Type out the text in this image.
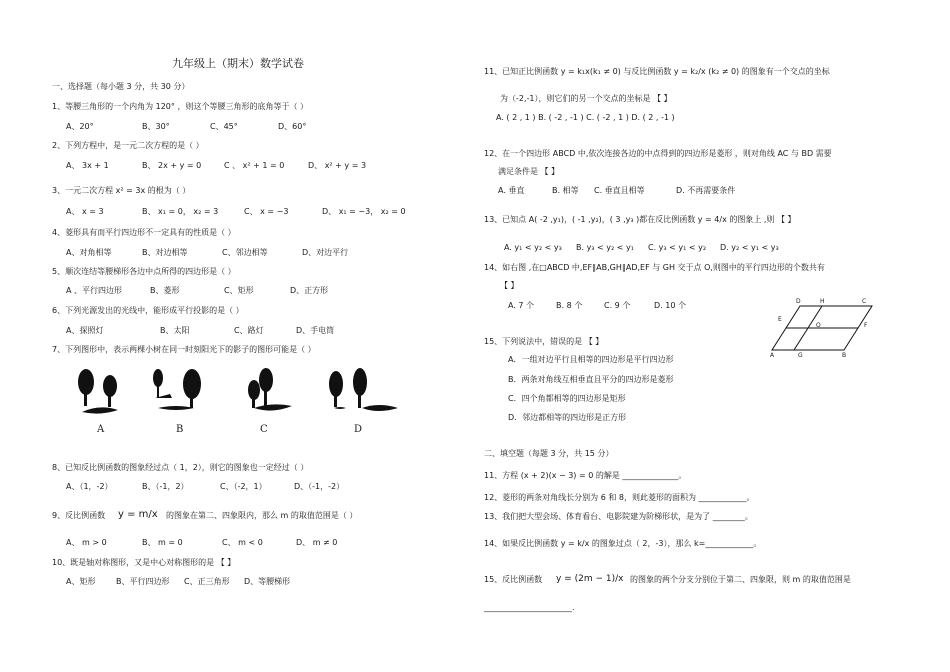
九年级上（期末）数学试卷
一、选择题（每小题 3 分，共 30 分）
1、等腰三角形的一个内角为 120° ，则这个等腰三角形的底角等于（ ）
A、20°	B、30°	C、45°	D、60°
2、下列方程中，是一元二次方程的是（ ）
A、 3x + 1	B、 2x + y = 0	C 、 x² + 1 = 0	D、 x² + y = 3
3、一元二次方程 x² = 3x 的根为（ ）
A、 x = 3	B、 x₁ = 0， x₂ = 3	C、 x = −3	D、 x₁ = −3， x₂ = 0
4、菱形具有而平行四边形不一定具有的性质是（ ）
A、对角相等	B、对边相等	C、邻边相等	D、对边平行
5、顺次连结等腰梯形各边中点所得的四边形是（ ）
A 、平行四边形	B、菱形	C、矩形	D、正方形
6、下列光源发出的光线中，能形成平行投影的是（ ）
A、探照灯	B、太阳	C、路灯	D、手电筒
7、下列图形中，表示两棵小树在同一时刻阳光下的影子的图形可能是（ ）
A	B	C	D
8、已知反比例函数的图象经过点（ 1，2），则它的图象也一定经过（ ）
A、（1，-2）	B、（-1，2）	C、（-2，1）	D、（-1，-2）
9、反比例函数 y = m/x 的图象在第二、四象限内，那么 m 的取值范围是（ ）
A、 m > 0	B、 m = 0	C、 m < 0	D、 m ≠ 0
10、既是轴对称图形，又是中心对称图形的是 【 】
A、矩形	B、平行四边形 C、正三角形 D、等腰梯形
11、已知正比例函数 y = k₁x(k₁ ≠ 0) 与反比例函数 y = k₂/x (k₂ ≠ 0) 的图象有一个交点的坐标
为（-2,-1），则它们的另一个交点的坐标是 【 】
A. ( 2 , 1 ) B. ( -2 , -1 ) C. ( -2 , 1 ) D. ( 2 , -1 )
12、在一个四边形 ABCD 中,依次连接各边的中点得到的四边形是菱形 ，则对角线 AC 与 BD 需要
满足条件是 【 】
A. 垂直	B. 相等 C. 垂直且相等	D. 不再需要条件
13、已知点 A( -2 ,y₁)，( -1 ,y₂)，( 3 ,y₃ )都在反比例函数 y = 4/x 的图象上 ,则 【 】
A. y₁ < y₂ < y₃ B. y₃ < y₂ < y₁ C. y₃ < y₁ < y₂ D. y₂ < y₁ < y₃
14、如右图 ,在□ABCD 中,EF∥AB,GH∥AD,EF 与 GH 交于点 O,则图中的平行四边形的个数共有
【 】
A. 7 个	B. 8 个	C. 9 个	D. 10 个	D	H	C
E
O	F
A	G	B
15、下列说法中，错误的是 【 】
A．一组对边平行且相等的四边形是平行四边形
B．两条对角线互相垂直且平分的四边形是菱形
C．四个角都相等的四边形是矩形
D．邻边都相等的四边形是正方形
二、填空题（每题 3 分，共 15 分）
11、方程 (x + 2)(x − 3) = 0 的解是 ______________。
12、菱形的两条对角线长分别为 6 和 8，则此菱形的面积为 ____________。
13、我们把大型会场、体育看台、电影院建为阶梯形状，是为了 ________。
14、如果反比例函数 y = k/x 的图象过点（ 2，-3），那么 k=____________。
15、反比例函数 y = (2m − 1)/x 的图象的两个分支分别位于第二、四象限，则 m 的取值范围是
______________________.
